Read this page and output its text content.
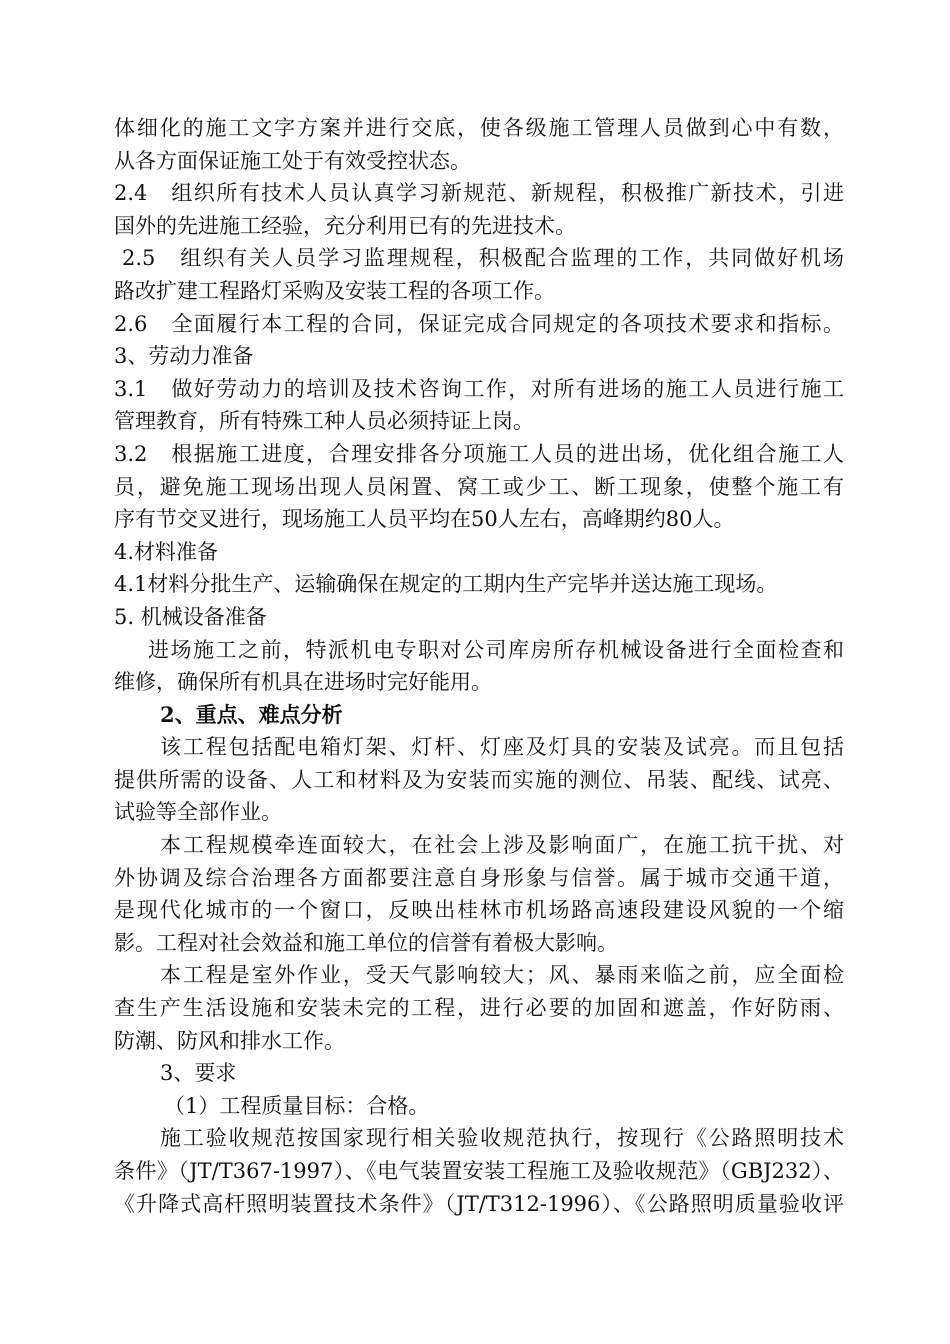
体细化的施工文字方案并进行交底，使各级施工管理人员做到心中有数，
从各方面保证施工处于有效受控状态。
2.4　组织所有技术人员认真学习新规范、新规程，积极推广新技术，引进
国外的先进施工经验，充分利用已有的先进技术。
2.5　组织有关人员学习监理规程，积极配合监理的工作，共同做好机场
路改扩建工程路灯采购及安装工程的各项工作。
2.6　全面履行本工程的合同，保证完成合同规定的各项技术要求和指标。
3、劳动力准备
3.1　做好劳动力的培训及技术咨询工作，对所有进场的施工人员进行施工
管理教育，所有特殊工种人员必须持证上岗。
3.2　根据施工进度，合理安排各分项施工人员的进出场，优化组合施工人
员，避免施工现场出现人员闲置、窝工或少工、断工现象，使整个施工有
序有节交叉进行，现场施工人员平均在50人左右，高峰期约80人。
4.材料准备
4.1材料分批生产、运输确保在规定的工期内生产完毕并送达施工现场。
5. 机械设备准备
进场施工之前，特派机电专职对公司库房所存机械设备进行全面检查和
维修，确保所有机具在进场时完好能用。
2、重点、难点分析
该工程包括配电箱灯架、灯杆、灯座及灯具的安装及试亮。而且包括
提供所需的设备、人工和材料及为安装而实施的测位、吊装、配线、试亮、
试验等全部作业。
本工程规模牵连面较大，在社会上涉及影响面广，在施工抗干扰、对
外协调及综合治理各方面都要注意自身形象与信誉。属于城市交通干道，
是现代化城市的一个窗口，反映出桂林市机场路高速段建设风貌的一个缩
影。工程对社会效益和施工单位的信誉有着极大影响。
本工程是室外作业，受天气影响较大；风、暴雨来临之前，应全面检
查生产生活设施和安装未完的工程，进行必要的加固和遮盖，作好防雨、
防潮、防风和排水工作。
3、要求
（1）工程质量目标：合格。
施工验收规范按国家现行相关验收规范执行，按现行《公路照明技术
条件》（JT/T367-1997）、《电气装置安装工程施工及验收规范》（GBJ232）、
《升降式高杆照明装置技术条件》（JT/T312-1996）、《公路照明质量验收评
